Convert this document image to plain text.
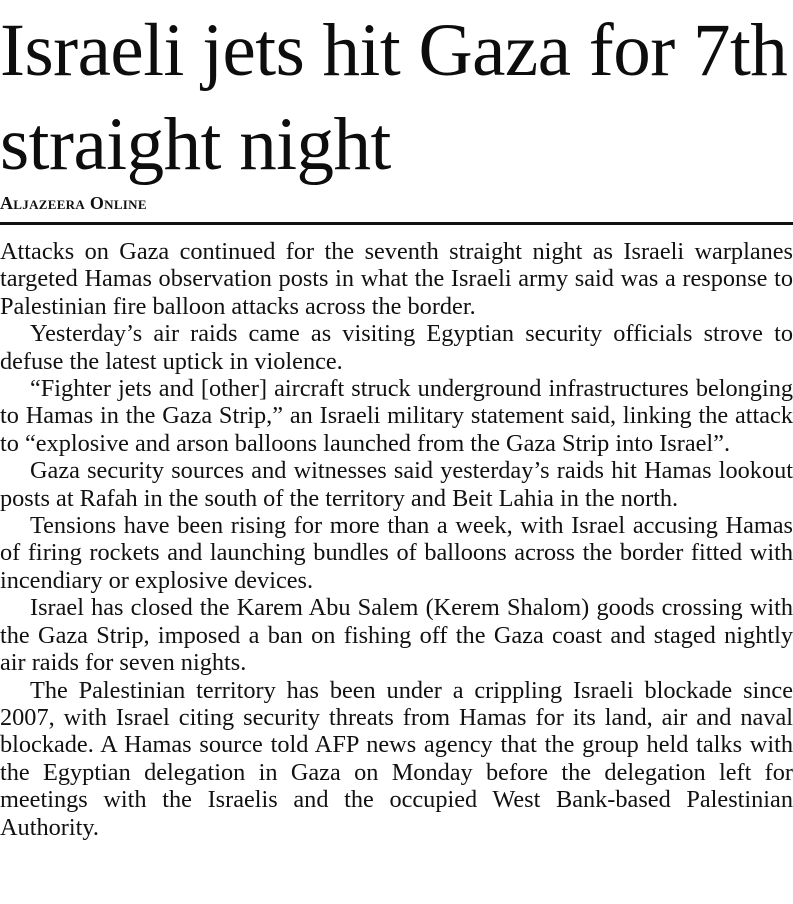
Israeli jets hit Gaza for 7th straight night
Aljazeera Online

Attacks on Gaza continued for the seventh straight night as Israeli warplanes targeted Hamas observation posts in what the Israeli army said was a response to Palestinian fire balloon attacks across the border.

Yesterday’s air raids came as visiting Egyptian security officials strove to defuse the latest uptick in violence.

“Fighter jets and [other] aircraft struck underground infrastructures belonging to Hamas in the Gaza Strip,” an Israeli military statement said, linking the attack to “explosive and arson balloons launched from the Gaza Strip into Israel”.

Gaza security sources and witnesses said yesterday’s raids hit Hamas lookout posts at Rafah in the south of the territory and Beit Lahia in the north.

Tensions have been rising for more than a week, with Israel accusing Hamas of firing rockets and launching bundles of balloons across the border fitted with incendiary or explosive devices.

Israel has closed the Karem Abu Salem (Kerem Shalom) goods crossing with the Gaza Strip, imposed a ban on fishing off the Gaza coast and staged nightly air raids for seven nights.

The Palestinian territory has been under a crippling Israeli blockade since 2007, with Israel citing security threats from Hamas for its land, air and naval blockade. A Hamas source told AFP news agency that the group held talks with the Egyptian delegation in Gaza on Monday before the delegation left for meetings with the Israelis and the occupied West Bank-based Palestinian Authority.
